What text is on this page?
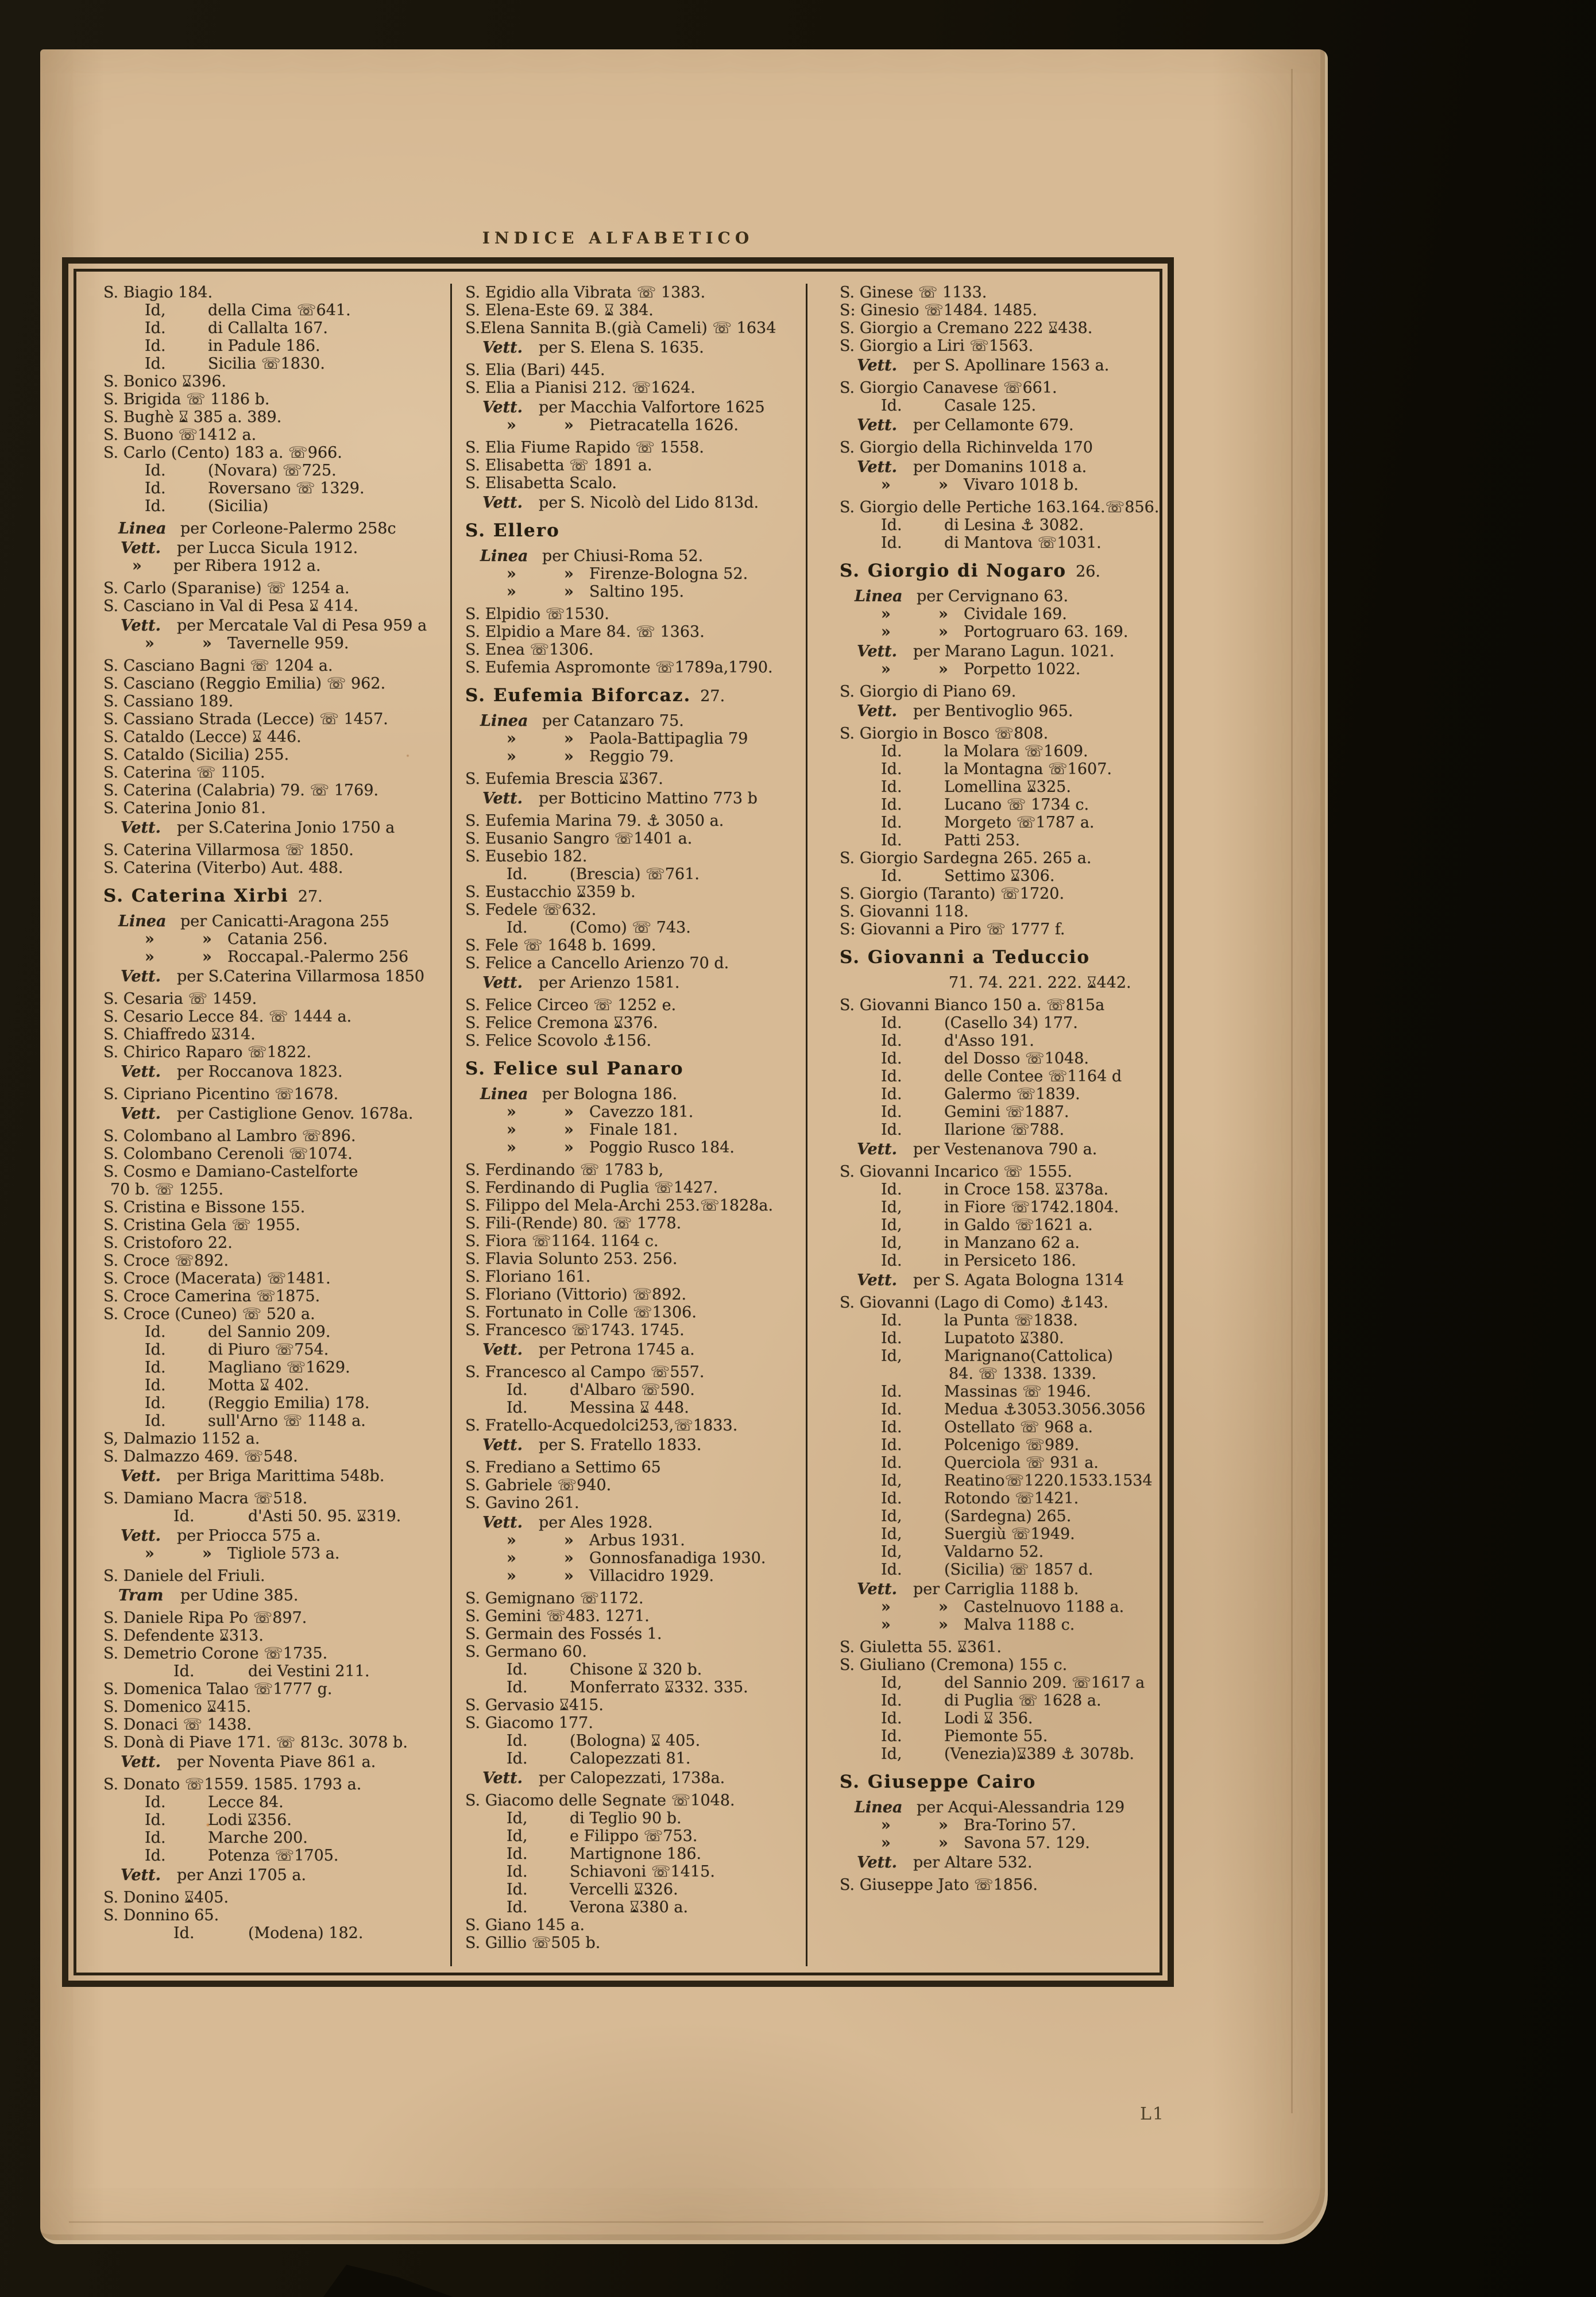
INDICE ALFABETICO
S. Biagio 184.
Id,	della Cima ☏641.
Id.	di Callalta 167.
Id.	in Padule 186.
Id.	Sicilia ☏1830.
S. Bonico ⌛︎396.
S. Brigida ☏ 1186 b.
S. Bughè ⌛︎ 385 a. 389.
S. Buono ☏1412 a.
S. Carlo (Cento) 183 a. ☏966.
Id.	(Novara) ☏725.
Id.	Roversano ☏ 1329.
Id.	(Sicilia)
Linea per Corleone-Palermo 258c
Vett. per Lucca Sicula 1912.
» per Ribera 1912 a.
S. Carlo (Sparanise) ☏ 1254 a.
S. Casciano in Val di Pesa ⌛︎ 414.
Vett. per Mercatale Val di Pesa 959 a
»	» Tavernelle 959.
S. Casciano Bagni ☏ 1204 a.
S. Casciano (Reggio Emilia) ☏ 962.
S. Cassiano 189.
S. Cassiano Strada (Lecce) ☏ 1457.
S. Cataldo (Lecce) ⌛︎ 446.
S. Cataldo (Sicilia) 255.
S. Caterina ☏ 1105.
S. Caterina (Calabria) 79. ☏ 1769.
S. Caterina Jonio 81.
Vett. per S.Caterina Jonio 1750 a
S. Caterina Villarmosa ☏ 1850.
S. Caterina (Viterbo) Aut. 488.
S. Caterina Xirbi 27.
Linea per Canicatti-Aragona 255
»	» Catania 256.
»	» Roccapal.-Palermo 256
Vett. per S.Caterina Villarmosa 1850
S. Cesaria ☏ 1459.
S. Cesario Lecce 84. ☏ 1444 a.
S. Chiaffredo ⌛︎314.
S. Chirico Raparo ☏1822.
Vett. per Roccanova 1823.
S. Cipriano Picentino ☏1678.
Vett. per Castiglione Genov. 1678a.
S. Colombano al Lambro ☏896.
S. Colombano Cerenoli ☏1074.
S. Cosmo e Damiano-Castelforte
70 b. ☏ 1255.
S. Cristina e Bissone 155.
S. Cristina Gela ☏ 1955.
S. Cristoforo 22.
S. Croce ☏892.
S. Croce (Macerata) ☏1481.
S. Croce Camerina ☏1875.
S. Croce (Cuneo) ☏ 520 a.
Id.	del Sannio 209.
Id.	di Piuro ☏754.
Id.	Magliano ☏1629.
Id.	Motta ⌛︎ 402.
Id.	(Reggio Emilia) 178.
Id.	sull'Arno ☏ 1148 a.
S, Dalmazio 1152 a.
S. Dalmazzo 469. ☏548.
Vett. per Briga Marittima 548b.
S. Damiano Macra ☏518.
Id.	d'Asti 50. 95. ⌛︎319.
Vett. per Priocca 575 a.
»	» Tigliole 573 a.
S. Daniele del Friuli.
Tram per Udine 385.
S. Daniele Ripa Po ☏897.
S. Defendente ⌛︎313.
S. Demetrio Corone ☏1735.
Id.	dei Vestini 211.
S. Domenica Talao ☏1777 g.
S. Domenico ⌛︎415.
S. Donaci ☏ 1438.
S. Donà di Piave 171. ☏ 813c. 3078 b.
Vett. per Noventa Piave 861 a.
S. Donato ☏1559. 1585. 1793 a.
Id.	Lecce 84.
Id.	Lodi ⌛︎356.
Id.	Marche 200.
Id.	Potenza ☏1705.
Vett. per Anzi 1705 a.
S. Donino ⌛︎405.
S. Donnino 65.
Id.	(Modena) 182.
S. Egidio alla Vibrata ☏ 1383.
S. Elena-Este 69. ⌛︎ 384.
S.Elena Sannita B.(già Cameli) ☏ 1634
Vett. per S. Elena S. 1635.
S. Elia (Bari) 445.
S. Elia a Pianisi 212. ☏1624.
Vett. per Macchia Valfortore 1625
»	» Pietracatella 1626.
S. Elia Fiume Rapido ☏ 1558.
S. Elisabetta ☏ 1891 a.
S. Elisabetta Scalo.
Vett. per S. Nicolò del Lido 813d.
S. Ellero
Linea per Chiusi-Roma 52.
»	» Firenze-Bologna 52.
»	» Saltino 195.
S. Elpidio ☏1530.
S. Elpidio a Mare 84. ☏ 1363.
S. Enea ☏1306.
S. Eufemia Aspromonte ☏1789a,1790.
S. Eufemia Biforcaz. 27.
Linea per Catanzaro 75.
»	» Paola-Battipaglia 79
»	» Reggio 79.
S. Eufemia Brescia ⌛︎367.
Vett. per Botticino Mattino 773 b
S. Eufemia Marina 79. ⚓︎ 3050 a.
S. Eusanio Sangro ☏1401 a.
S. Eusebio 182.
Id.	(Brescia) ☏761.
S. Eustacchio ⌛︎359 b.
S. Fedele ☏632.
Id.	(Como) ☏ 743.
S. Fele ☏ 1648 b. 1699.
S. Felice a Cancello Arienzo 70 d.
Vett. per Arienzo 1581.
S. Felice Circeo ☏ 1252 e.
S. Felice Cremona ⌛︎376.
S. Felice Scovolo ⚓︎156.
S. Felice sul Panaro
Linea per Bologna 186.
»	» Cavezzo 181.
»	» Finale 181.
»	» Poggio Rusco 184.
S. Ferdinando ☏ 1783 b,
S. Ferdinando di Puglia ☏1427.
S. Filippo del Mela-Archi 253.☏1828a.
S. Fili-(Rende) 80. ☏ 1778.
S. Fiora ☏1164. 1164 c.
S. Flavia Solunto 253. 256.
S. Floriano 161.
S. Floriano (Vittorio) ☏892.
S. Fortunato in Colle ☏1306.
S. Francesco ☏1743. 1745.
Vett. per Petrona 1745 a.
S. Francesco al Campo ☏557.
Id.	d'Albaro ☏590.
Id.	Messina ⌛︎ 448.
S. Fratello-Acquedolci253,☏1833.
Vett. per S. Fratello 1833.
S. Frediano a Settimo 65
S. Gabriele ☏940.
S. Gavino 261.
Vett. per Ales 1928.
»	» Arbus 1931.
»	» Gonnosfanadiga 1930.
»	» Villacidro 1929.
S. Gemignano ☏1172.
S. Gemini ☏483. 1271.
S. Germain des Fossés 1.
S. Germano 60.
Id.	Chisone ⌛︎ 320 b.
Id.	Monferrato ⌛︎332. 335.
S. Gervasio ⌛︎415.
S. Giacomo 177.
Id.	(Bologna) ⌛︎ 405.
Id.	Calopezzati 81.
Vett. per Calopezzati, 1738a.
S. Giacomo delle Segnate ☏1048.
Id,	di Teglio 90 b.
Id,	e Filippo ☏753.
Id.	Martignone 186.
Id.	Schiavoni ☏1415.
Id.	Vercelli ⌛︎326.
Id.	Verona ⌛︎380 a.
S. Giano 145 a.
S. Gillio ☏505 b.
S. Ginese ☏ 1133.
S: Ginesio ☏1484. 1485.
S. Giorgio a Cremano 222 ⌛︎438.
S. Giorgio a Liri ☏1563.
Vett. per S. Apollinare 1563 a.
S. Giorgio Canavese ☏661.
Id.	Casale 125.
Vett. per Cellamonte 679.
S. Giorgio della Richinvelda 170
Vett. per Domanins 1018 a.
»	» Vivaro 1018 b.
S. Giorgio delle Pertiche 163.164.☏856.
Id.	di Lesina ⚓︎ 3082.
Id.	di Mantova ☏1031.
S. Giorgio di Nogaro 26.
Linea per Cervignano 63.
»	» Cividale 169.
»	» Portogruaro 63. 169.
Vett. per Marano Lagun. 1021.
»	» Porpetto 1022.
S. Giorgio di Piano 69.
Vett. per Bentivoglio 965.
S. Giorgio in Bosco ☏808.
Id.	la Molara ☏1609.
Id.	la Montagna ☏1607.
Id.	Lomellina ⌛︎325.
Id.	Lucano ☏ 1734 c.
Id.	Morgeto ☏1787 a.
Id.	Patti 253.
S. Giorgio Sardegna 265. 265 a.
Id.	Settimo ⌛︎306.
S. Giorgio (Taranto) ☏1720.
S. Giovanni 118.
S: Giovanni a Piro ☏ 1777 f.
S. Giovanni a Teduccio
71. 74. 221. 222. ⌛︎442.
S. Giovanni Bianco 150 a. ☏815a
Id.	(Casello 34) 177.
Id.	d'Asso 191.
Id.	del Dosso ☏1048.
Id.	delle Contee ☏1164 d
Id.	Galermo ☏1839.
Id.	Gemini ☏1887.
Id.	Ilarione ☏788.
Vett. per Vestenanova 790 a.
S. Giovanni Incarico ☏ 1555.
Id.	in Croce 158. ⌛︎378a.
Id,	in Fiore ☏1742.1804.
Id,	in Galdo ☏1621 a.
Id,	in Manzano 62 a.
Id.	in Persiceto 186.
Vett. per S. Agata Bologna 1314
S. Giovanni (Lago di Como) ⚓︎143.
Id.	la Punta ☏1838.
Id.	Lupatoto ⌛︎380.
Id,	Marignano(Cattolica)
84. ☏ 1338. 1339.
Id.	Massinas ☏ 1946.
Id.	Medua ⚓︎3053.3056.3056
Id.	Ostellato ☏ 968 a.
Id.	Polcenigo ☏989.
Id.	Querciola ☏ 931 a.
Id,	Reatino☏1220.1533.1534
Id.	Rotondo ☏1421.
Id,	(Sardegna) 265.
Id,	Suergiù ☏1949.
Id,	Valdarno 52.
Id.	(Sicilia) ☏ 1857 d.
Vett. per Carriglia 1188 b.
»	» Castelnuovo 1188 a.
»	» Malva 1188 c.
S. Giuletta 55. ⌛︎361.
S. Giuliano (Cremona) 155 c.
Id,	del Sannio 209. ☏1617 a
Id.	di Puglia ☏ 1628 a.
Id.	Lodi ⌛︎ 356.
Id.	Piemonte 55.
Id,	(Venezia)⌛︎389 ⚓︎ 3078b.
S. Giuseppe Cairo
Linea per Acqui-Alessandria 129
»	» Bra-Torino 57.
»	» Savona 57. 129.
Vett. per Altare 532.
S. Giuseppe Jato ☏1856.
L1
